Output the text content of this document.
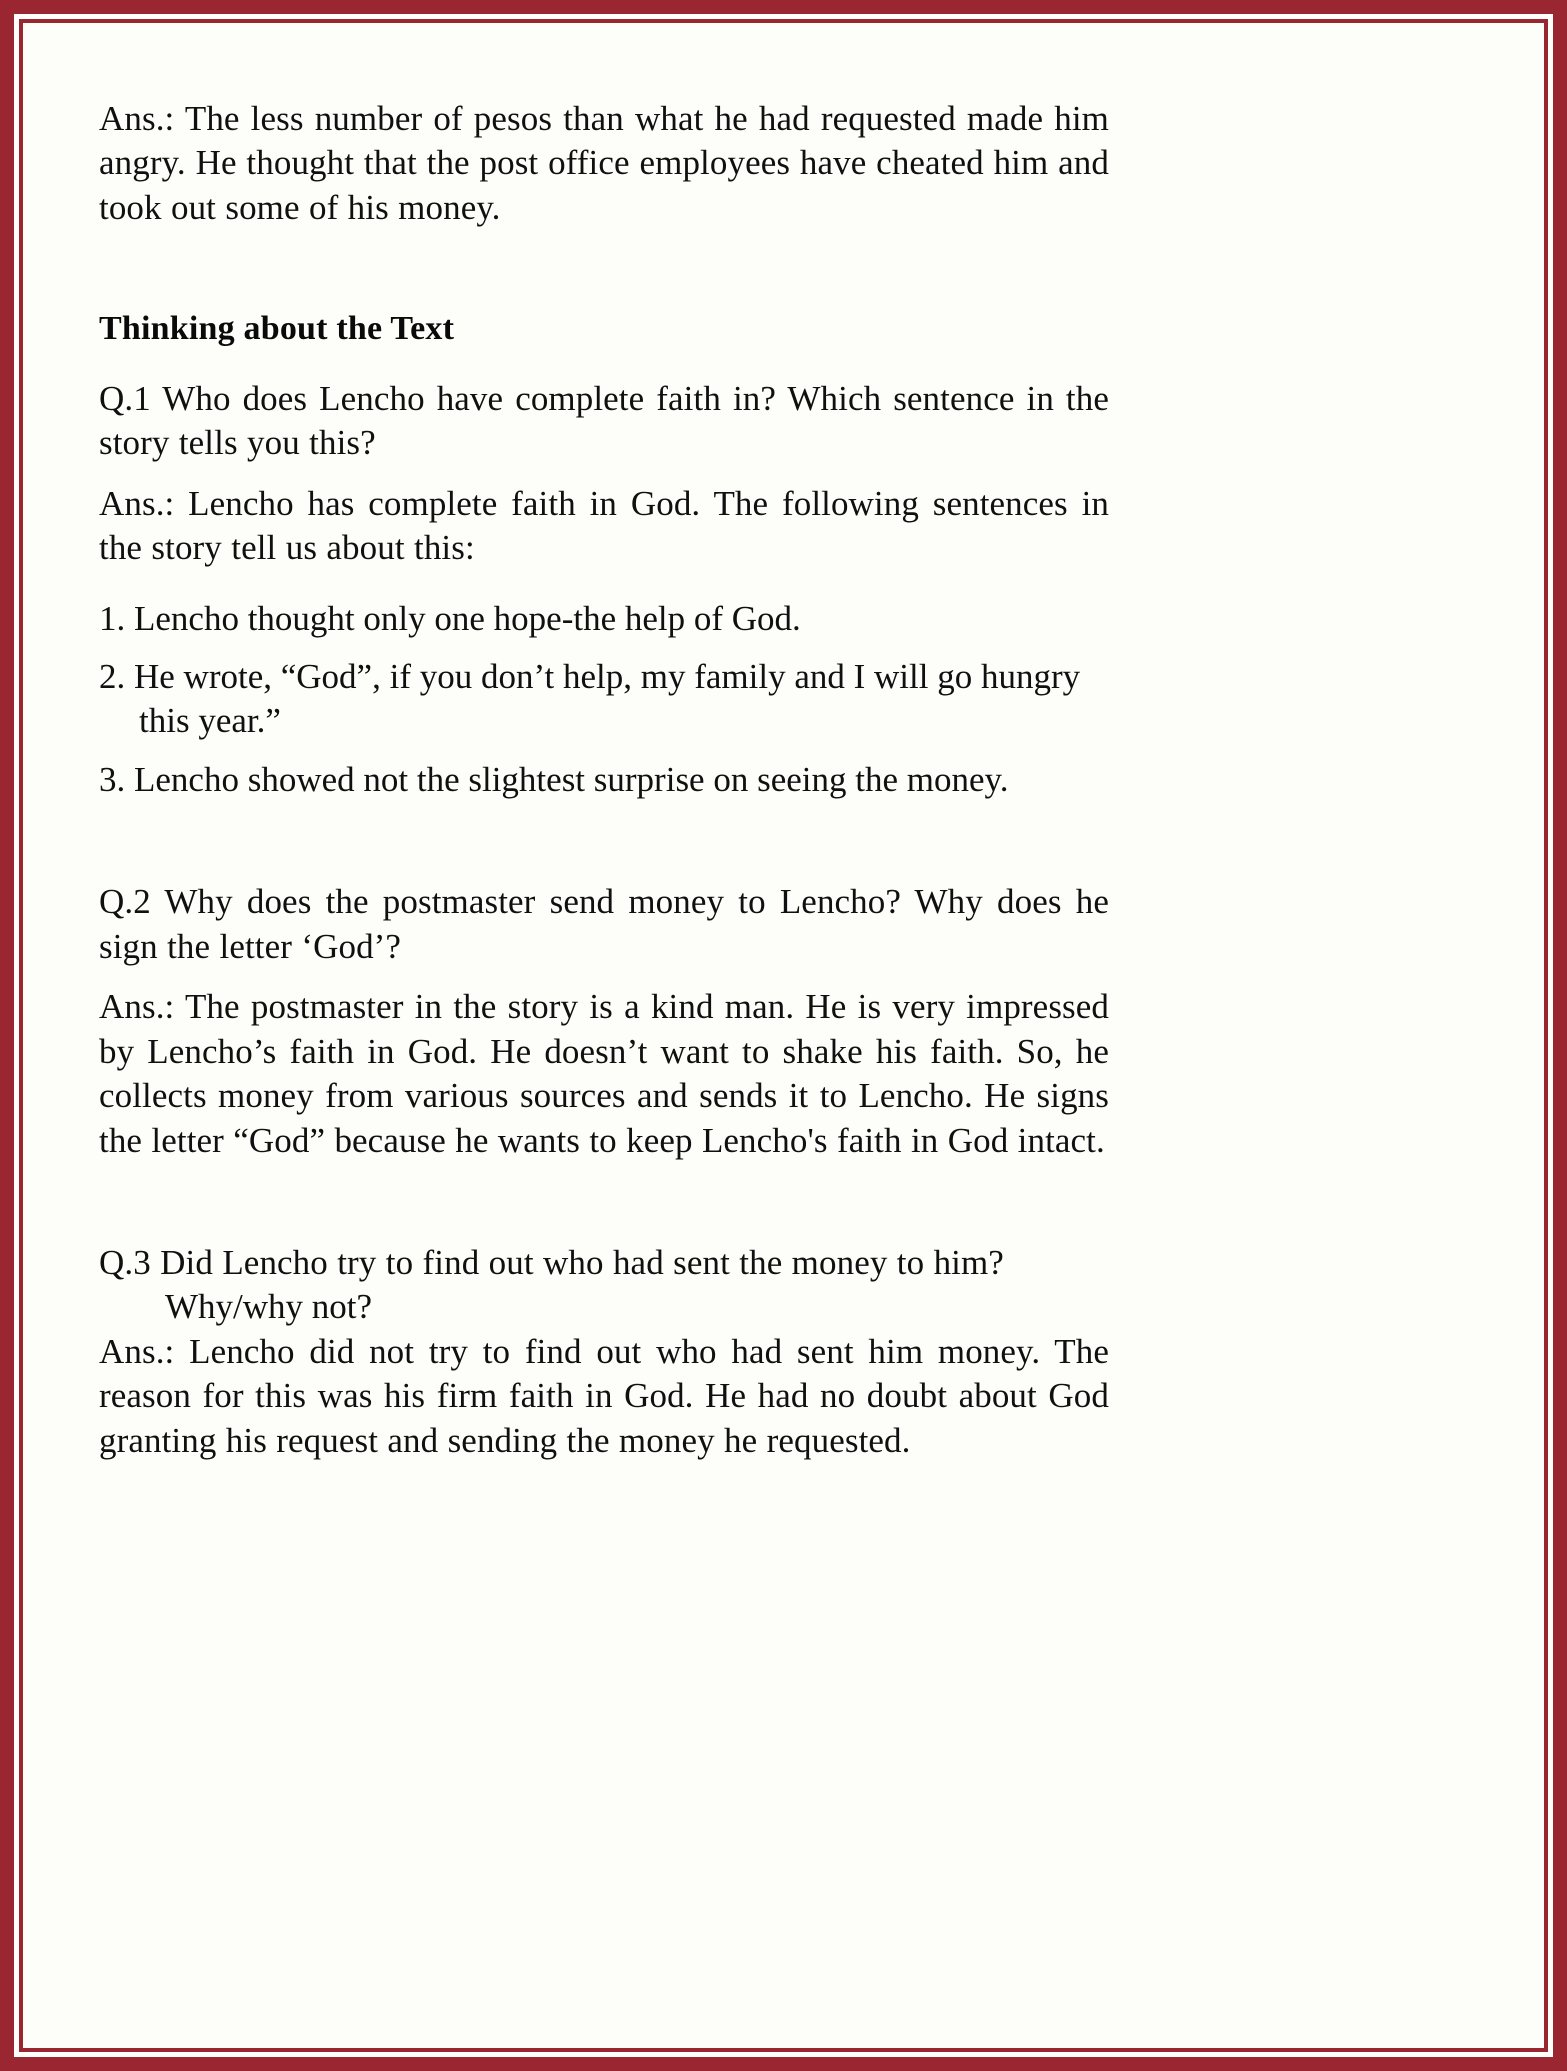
Ans.: The less number of pesos than what he had requested made him angry. He thought that the post office employees have cheated him and took out some of his money.

Thinking about the Text

Q.1 Who does Lencho have complete faith in? Which sentence in the story tells you this?

Ans.: Lencho has complete faith in God. The following sentences in the story tell us about this:

1. Lencho thought only one hope-the help of God.
2. He wrote, “God”, if you don’t help, my family and I will go hungry this year.”
3. Lencho showed not the slightest surprise on seeing the money.

Q.2 Why does the postmaster send money to Lencho? Why does he sign the letter ‘God’?

Ans.: The postmaster in the story is a kind man. He is very impressed by Lencho’s faith in God. He doesn’t want to shake his faith. So, he collects money from various sources and sends it to Lencho. He signs the letter “God” because he wants to keep Lencho's faith in God intact.

Q.3 Did Lencho try to find out who had sent the money to him?

Why/why not?

Ans.: Lencho did not try to find out who had sent him money. The reason for this was his firm faith in God. He had no doubt about God granting his request and sending the money he requested.
